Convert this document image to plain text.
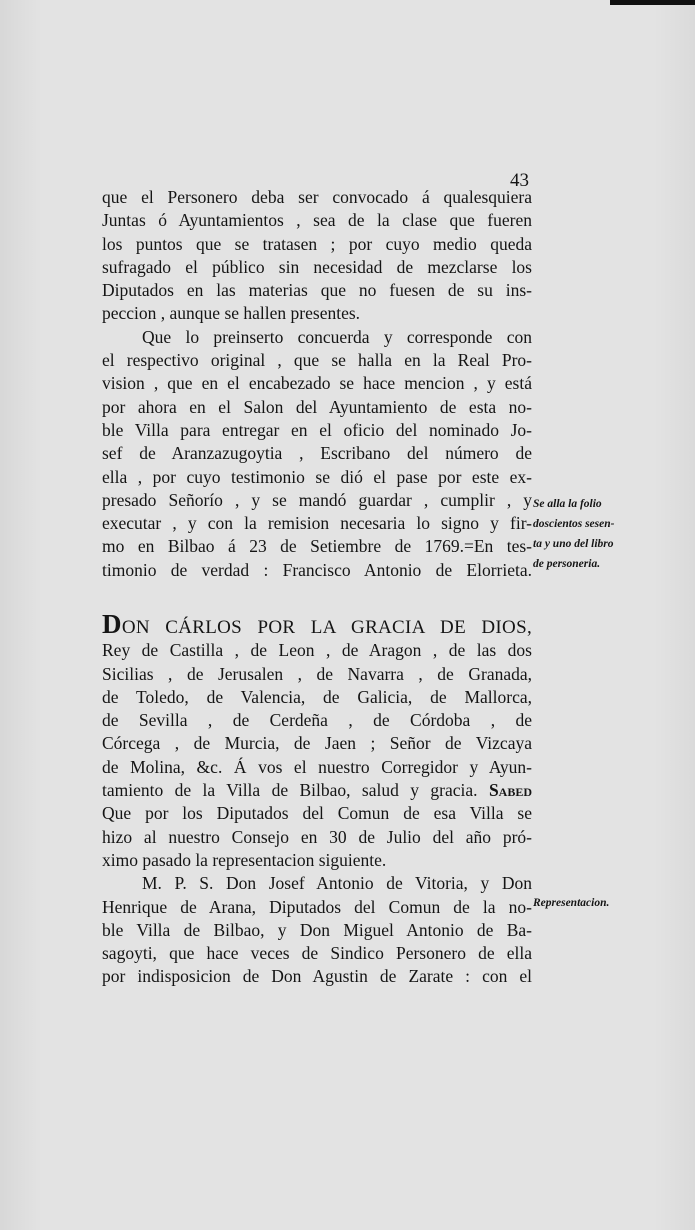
43
que el Personero deba ser convocado á qualesquiera
Juntas ó Ayuntamientos , sea de la clase que fueren
los puntos que se tratasen ; por cuyo medio queda
sufragado el público sin necesidad de mezclarse los
Diputados en las materias que no fuesen de su ins-
peccion , aunque se hallen presentes.
Que lo preinserto concuerda y corresponde con
el respectivo original , que se halla en la Real Pro-
vision , que en el encabezado se hace mencion , y está
por ahora en el Salon del Ayuntamiento de esta no-
ble Villa para entregar en el oficio del nominado Jo-
sef de Aranzazugoytia , Escribano del número de
ella , por cuyo testimonio se dió el pase por este ex-
presado Señorío , y se mandó guardar , cumplir , y
executar , y con la remision necesaria lo signo y fir-
mo en Bilbao á 23 de Setiembre de 1769.=En tes-
timonio de verdad : Francisco Antonio de Elorrieta.
Se alla la folio
doscientos sesen-
ta y uno del libro
de personeria.
DON CÁRLOS POR LA GRACIA DE DIOS,
Rey de Castilla , de Leon , de Aragon , de las dos
Sicilias , de Jerusalen , de Navarra , de Granada,
de Toledo, de Valencia, de Galicia, de Mallorca,
de Sevilla , de Cerdeña , de Córdoba , de
Córcega , de Murcia, de Jaen ; Señor de Vizcaya
de Molina, &c. Á vos el nuestro Corregidor y Ayun-
tamiento de la Villa de Bilbao, salud y gracia. Sabed
Que por los Diputados del Comun de esa Villa se
hizo al nuestro Consejo en 30 de Julio del año pró-
ximo pasado la representacion siguiente.
M. P. S. Don Josef Antonio de Vitoria, y Don
Henrique de Arana, Diputados del Comun de la no-
ble Villa de Bilbao, y Don Miguel Antonio de Ba-
sagoyti, que hace veces de Sindico Personero de ella
por indisposicion de Don Agustin de Zarate : con el
Representacion.
